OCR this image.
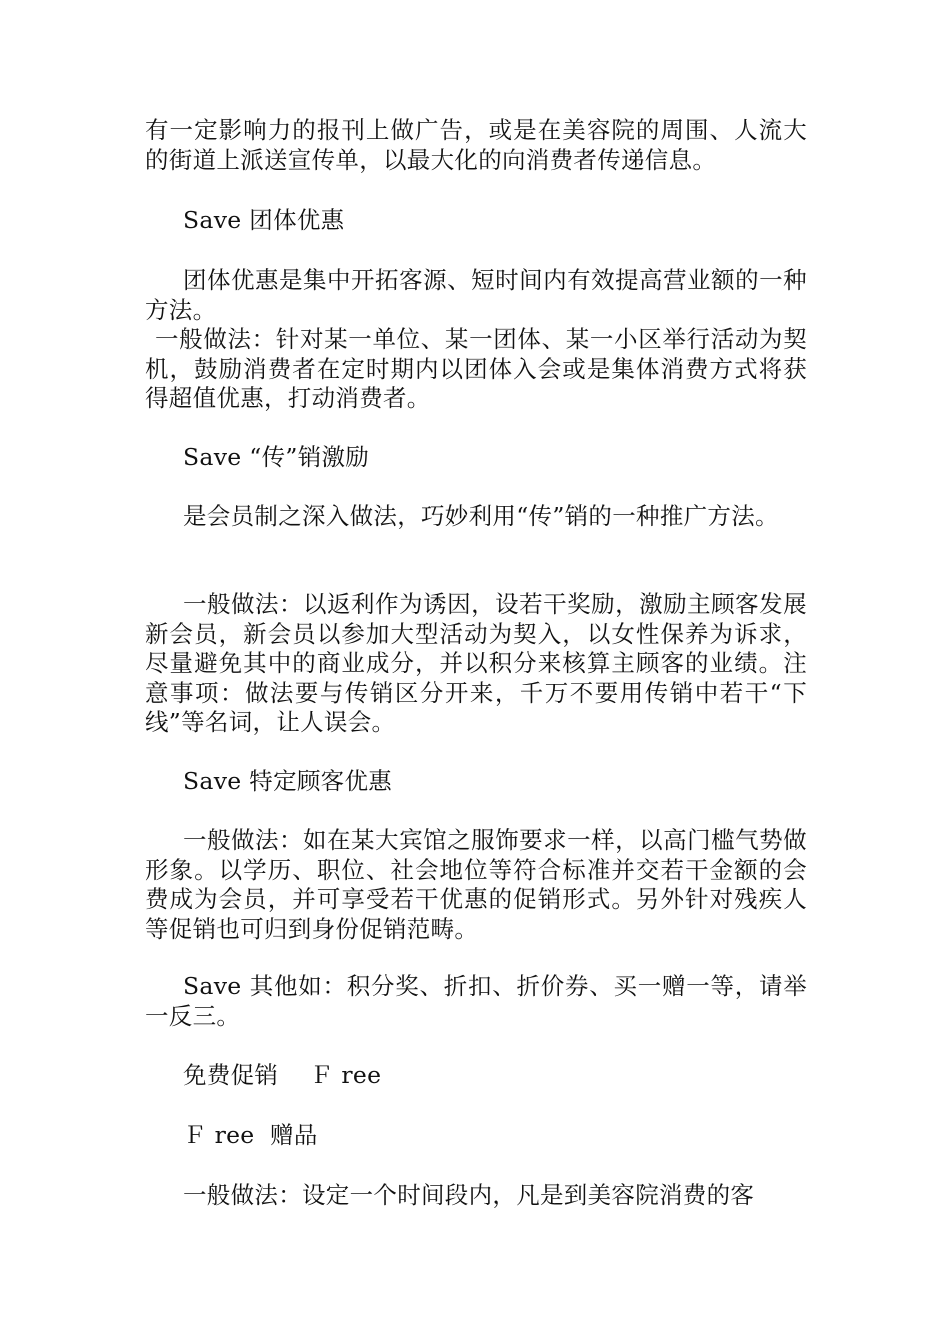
有一定影响力的报刊上做广告，或是在美容院的周围、人流大的街道上派送宣传单，以最大化的向消费者传递信息。
Save 团体优惠
团体优惠是集中开拓客源、短时间内有效提高营业额的一种方法。
一般做法：针对某一单位、某一团体、某一小区举行活动为契机，鼓励消费者在定时期内以团体入会或是集体消费方式将获得超值优惠，打动消费者。
Save “传”销激励
是会员制之深入做法，巧妙利用“传”销的一种推广方法。
一般做法：以返利作为诱因，设若干奖励，激励主顾客发展新会员，新会员以参加大型活动为契入，以女性保养为诉求，尽量避免其中的商业成分，并以积分来核算主顾客的业绩。注意事项：做法要与传销区分开来，千万不要用传销中若干“下线”等名词，让人误会。
Save 特定顾客优惠
一般做法：如在某大宾馆之服饰要求一样，以高门槛气势做形象。以学历、职位、社会地位等符合标准并交若干金额的会费成为会员，并可享受若干优惠的促销形式。另外针对残疾人等促销也可归到身份促销范畴。
Save 其他如：积分奖、折扣、折价券、买一赠一等，请举一反三。
免费促销　 Ｆ ree
Ｆ ree  赠品
一般做法：设定一个时间段内，凡是到美容院消费的客
